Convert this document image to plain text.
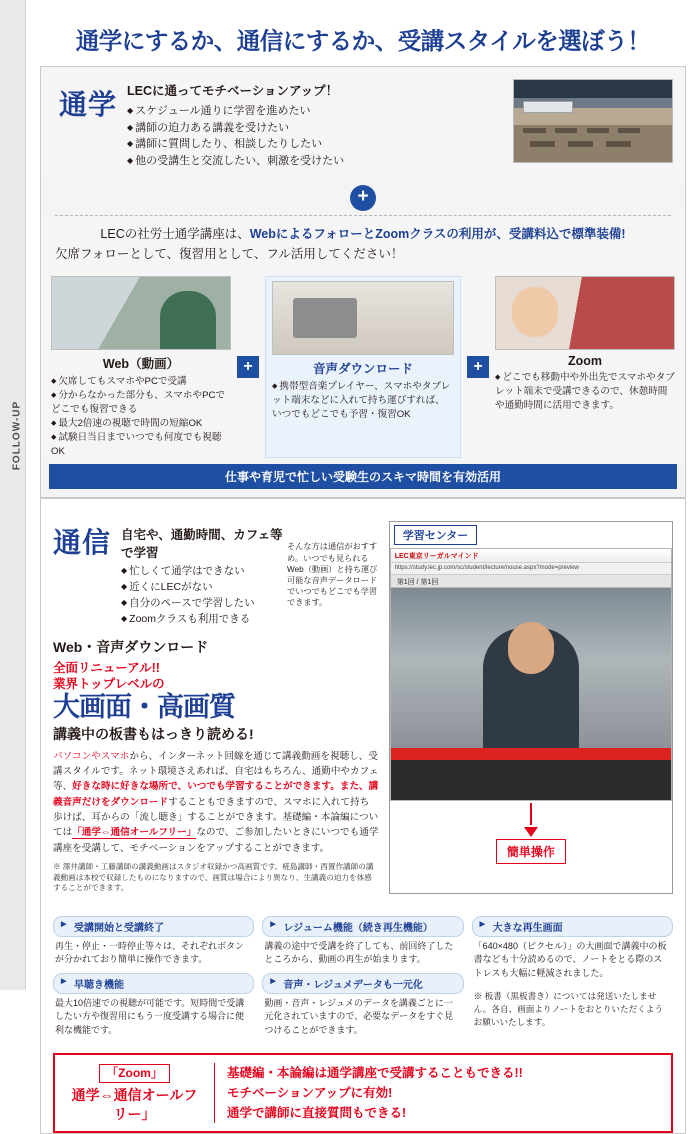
FOLLOW-UP
通学にするか、通信にするか、受講スタイルを選ぼう！
通学 LECに通ってモチベーションアップ！
◆ スケジュール通りに学習を進めたい
◆ 講師の迫力ある講義を受けたい
◆ 講師に質問したり、相談したりしたい
◆ 他の受講生と交流したい、刺激を受けたい
+
LECの社労士通学講座は、WebによるフォローとZoomクラスの利用が、受講料込で標準装備!
欠席フォローとして、復習用として、フル活用してください！
Web（動画）
◆ 欠席してもスマホやPCで受講
◆ 分からなかった部分も、スマホやPCでどこでも復習できる
◆ 最大2倍速の視聴で時間の短縮OK
◆ 試験日当日までいつでも何度でも視聴OK
+	音声ダウンロード
◆ 携帯型音楽プレイヤー、スマホやタブレット端末などに入れて持ち運びすれば、いつでもどこでも予習・復習OK
+	Zoom
◆ どこでも移動中や外出先でスマホやタブレット端末で受講できるので、休憩時間や通勤時間に活用できます。
仕事や育児で忙しい受験生のスキマ時間を有効活用
通信 自宅や、通勤時間、カフェ等で学習
◆ 忙しくて通学はできない
◆ 近くにLECがない
◆ 自分のペースで学習したい
◆ Zoomクラスも利用できる
そんな方は通信がおすすめ。いつでも見られるWeb（動画）と持ち運び可能な音声データロードでいつでもどこでも学習できます。
Web・音声ダウンロード
全面リニューアル!!
業界トップレベルの
大画面・高画質
講義中の板書もはっきり読める!
パソコンやスマホから、インターネット回線を通じて講義動画を視聴し、受講スタイルです。ネット環境さえあれば、自宅はもちろん、通勤中やカフェ等、好きな時に好きな場所で、いつでも学習することができます。また、講義音声だけをダウンロードすることもできますので、スマホに入れて持ち歩けば、耳からの「流し聴き」することができます。基礎編・本論編については「通学⇔通信オールフリー」なので、ご参加したいときにいつでも通学講座を受講して、モチベーションをアップすることができます。
※ 澤井講師・工藤講師の講義動画はスタジオ収録かつ高画質です。椛島講師・西置作講師の講義動画は本校で収録したものになりますので、画質は場合により異なり、生講義の迫力を体感することができます。
学習センター
LEC東京リーガルマインド
https://study.lec.jp.com/sc/student/lecture/nouse.aspx?mode=preview
第1回 / 第1回
簡単操作
▶ 受講開始と受講終了
再生・停止・一時停止等々は、それぞれボタンが分かれており簡単に操作できます。
▶ 早聴き機能
最大10倍速での視聴が可能です。短時間で受講したい方や復習用にもう一度受講する場合に便利な機能です。
▶ レジューム機能（続き再生機能）
講義の途中で受講を終了しても、前回終了したところから、動画の再生が始まります。
▶ 音声・レジュメデータも一元化
動画・音声・レジュメのデータを講義ごとに一元化されていますので、必要なデータをすぐ見つけることができます。
▶ 大きな再生画面
「640×480（ピクセル）」の大画面で講義中の板書なども十分読めるので、ノートをとる際のストレスも大幅に軽減されました。
※ 板書（黒板書き）については発送いたしません。各自、画面よりノートをおとりいただくようお願いいたします。
「Zoom」
通学⇔通信オールフリー」
基礎編・本論編は通学講座で受講することもできる!!
モチベーションアップに有効!
通学で講師に直接質問もできる!
